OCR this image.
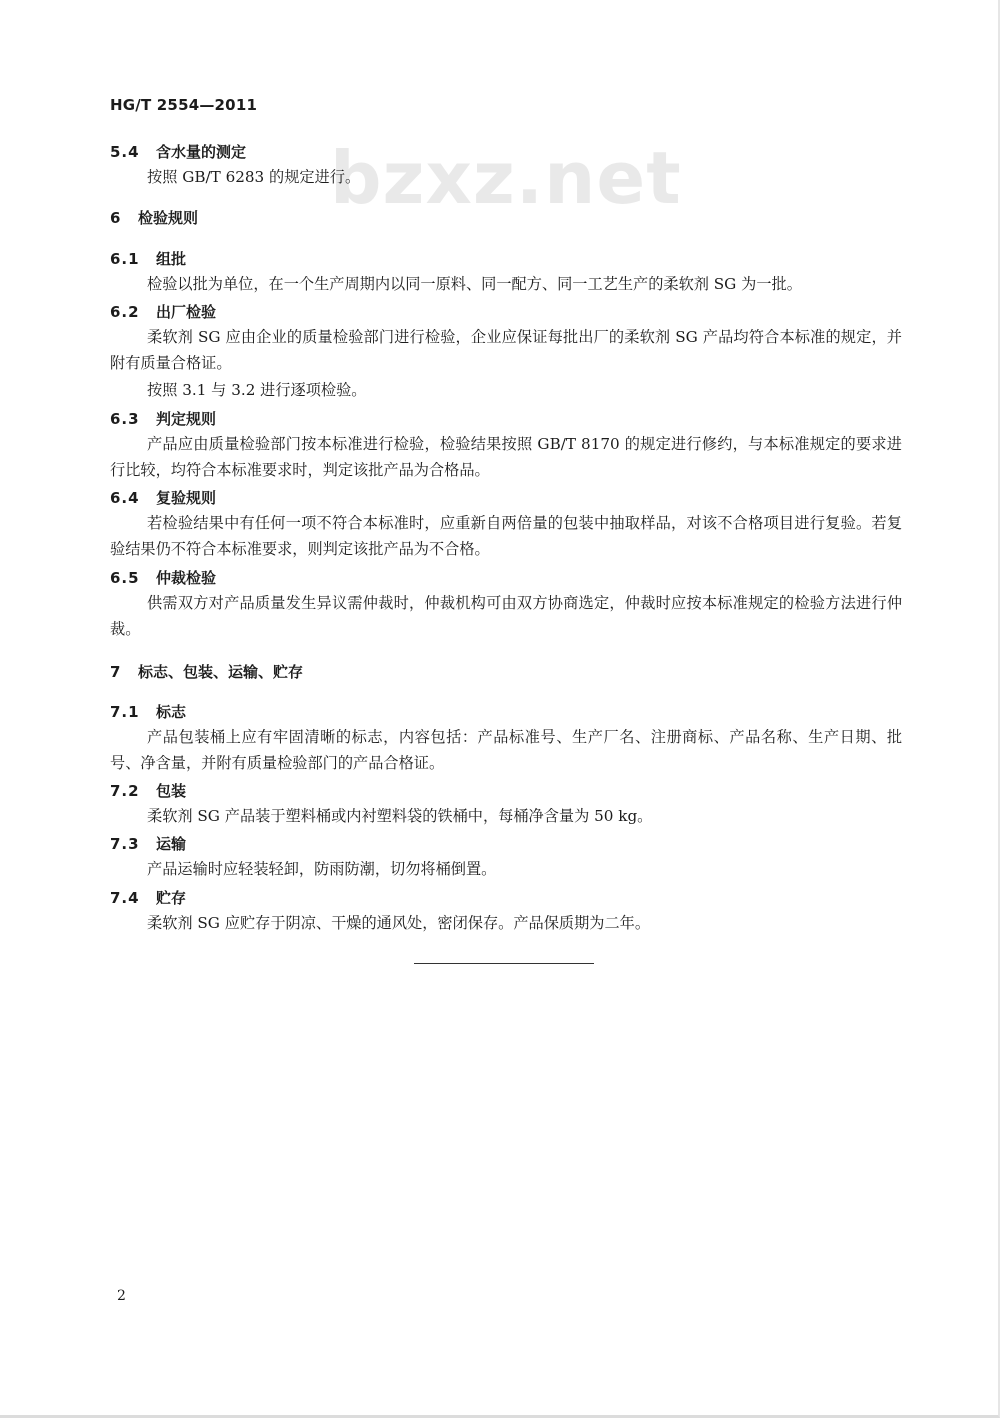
bzxz.net
HG/T 2554—2011
5.4 含水量的测定

按照 GB/T 6283 的规定进行。

6 检验规则
6.1 组批

检验以批为单位，在一个生产周期内以同一原料、同一配方、同一工艺生产的柔软剂 SG 为一批。

6.2 出厂检验

柔软剂 SG 应由企业的质量检验部门进行检验，企业应保证每批出厂的柔软剂 SG 产品均符合本标准的规定，并附有质量合格证。

按照 3.1 与 3.2 进行逐项检验。

6.3 判定规则

产品应由质量检验部门按本标准进行检验，检验结果按照 GB/T 8170 的规定进行修约，与本标准规定的要求进行比较，均符合本标准要求时，判定该批产品为合格品。

6.4 复验规则

若检验结果中有任何一项不符合本标准时，应重新自两倍量的包装中抽取样品，对该不合格项目进行复验。若复验结果仍不符合本标准要求，则判定该批产品为不合格。

6.5 仲裁检验

供需双方对产品质量发生异议需仲裁时，仲裁机构可由双方协商选定，仲裁时应按本标准规定的检验方法进行仲裁。

7 标志、包装、运输、贮存
7.1 标志

产品包装桶上应有牢固清晰的标志，内容包括：产品标准号、生产厂名、注册商标、产品名称、生产日期、批号、净含量，并附有质量检验部门的产品合格证。

7.2 包装

柔软剂 SG 产品装于塑料桶或内衬塑料袋的铁桶中，每桶净含量为 50 kg。

7.3 运输

产品运输时应轻装轻卸，防雨防潮，切勿将桶倒置。

7.4 贮存

柔软剂 SG 应贮存于阴凉、干燥的通风处，密闭保存。产品保质期为二年。

2
